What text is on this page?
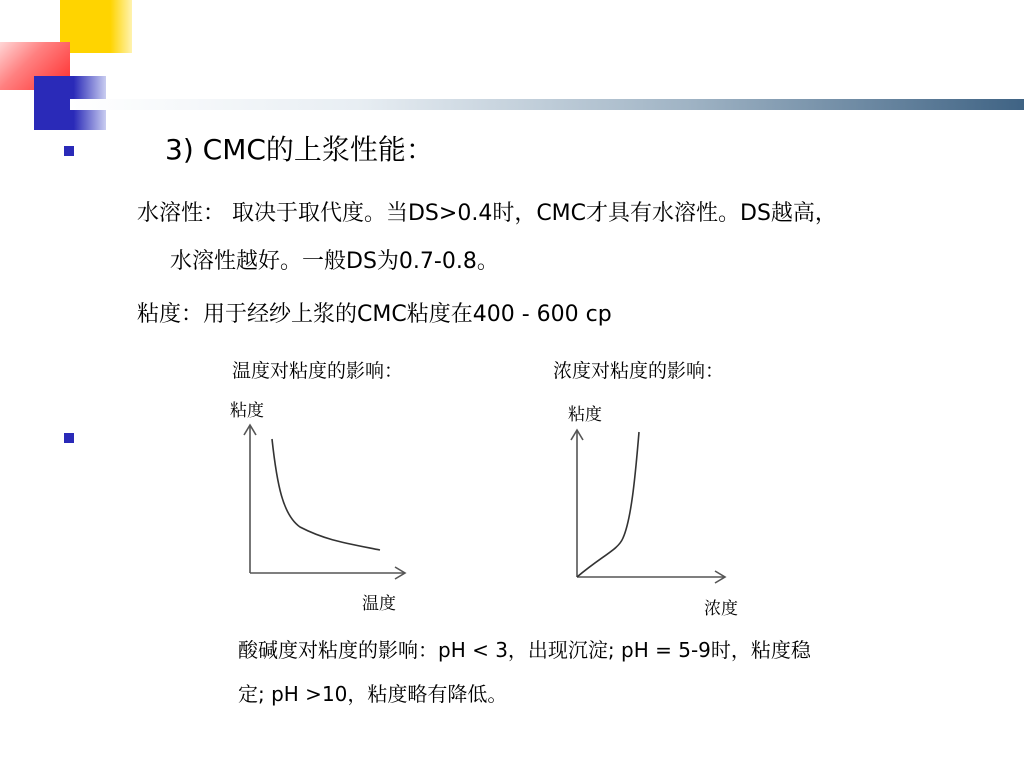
3) CMC的上浆性能：
水溶性： 取决于取代度。当DS>0.4时，CMC才具有水溶性。DS越高，
水溶性越好。一般DS为0.7-0.8。
粘度：用于经纱上浆的CMC粘度在400 - 600 cp
温度对粘度的影响：	浓度对粘度的影响：
粘度
温度
粘度
浓度
酸碱度对粘度的影响：pH < 3，出现沉淀; pH = 5-9时，粘度稳
定; pH >10，粘度略有降低。
